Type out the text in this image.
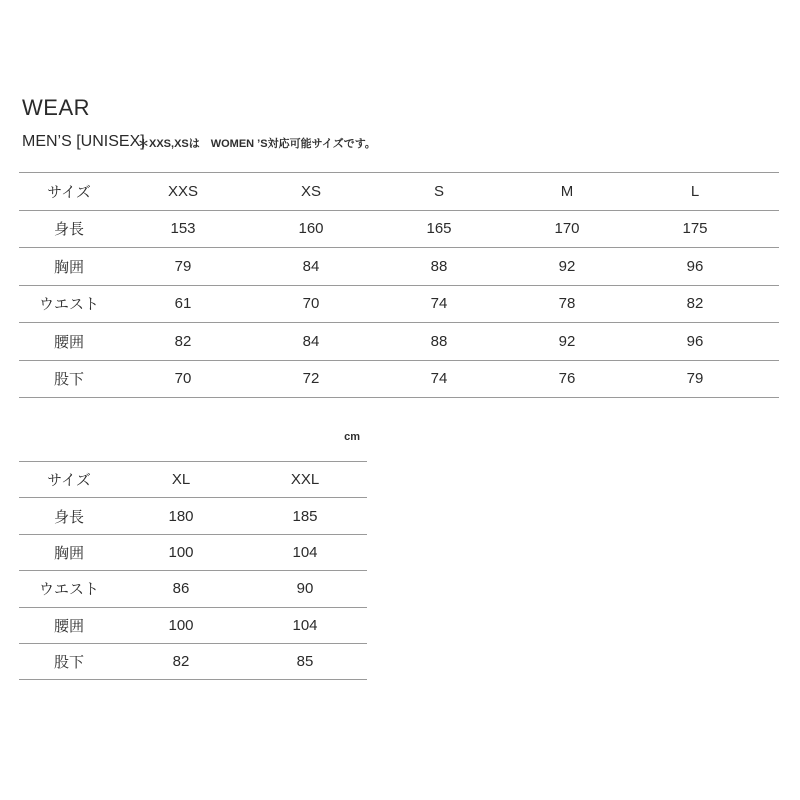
WEAR
MEN’S [UNISEX]
＊XXS,XSは　WOMEN ’S対応可能サイズです。
サイズ	XXS	XS	S	M	L	
身長	153	160	165	170	175	
胸囲	79	84	88	92	96	
ウエスト	61	70	74	78	82	
腰囲	82	84	88	92	96	
股下	70	72	74	76	79	
cm
サイズ	XL	XXL
身長	180	185
胸囲	100	104
ウエスト	86	90
腰囲	100	104
股下	82	85
